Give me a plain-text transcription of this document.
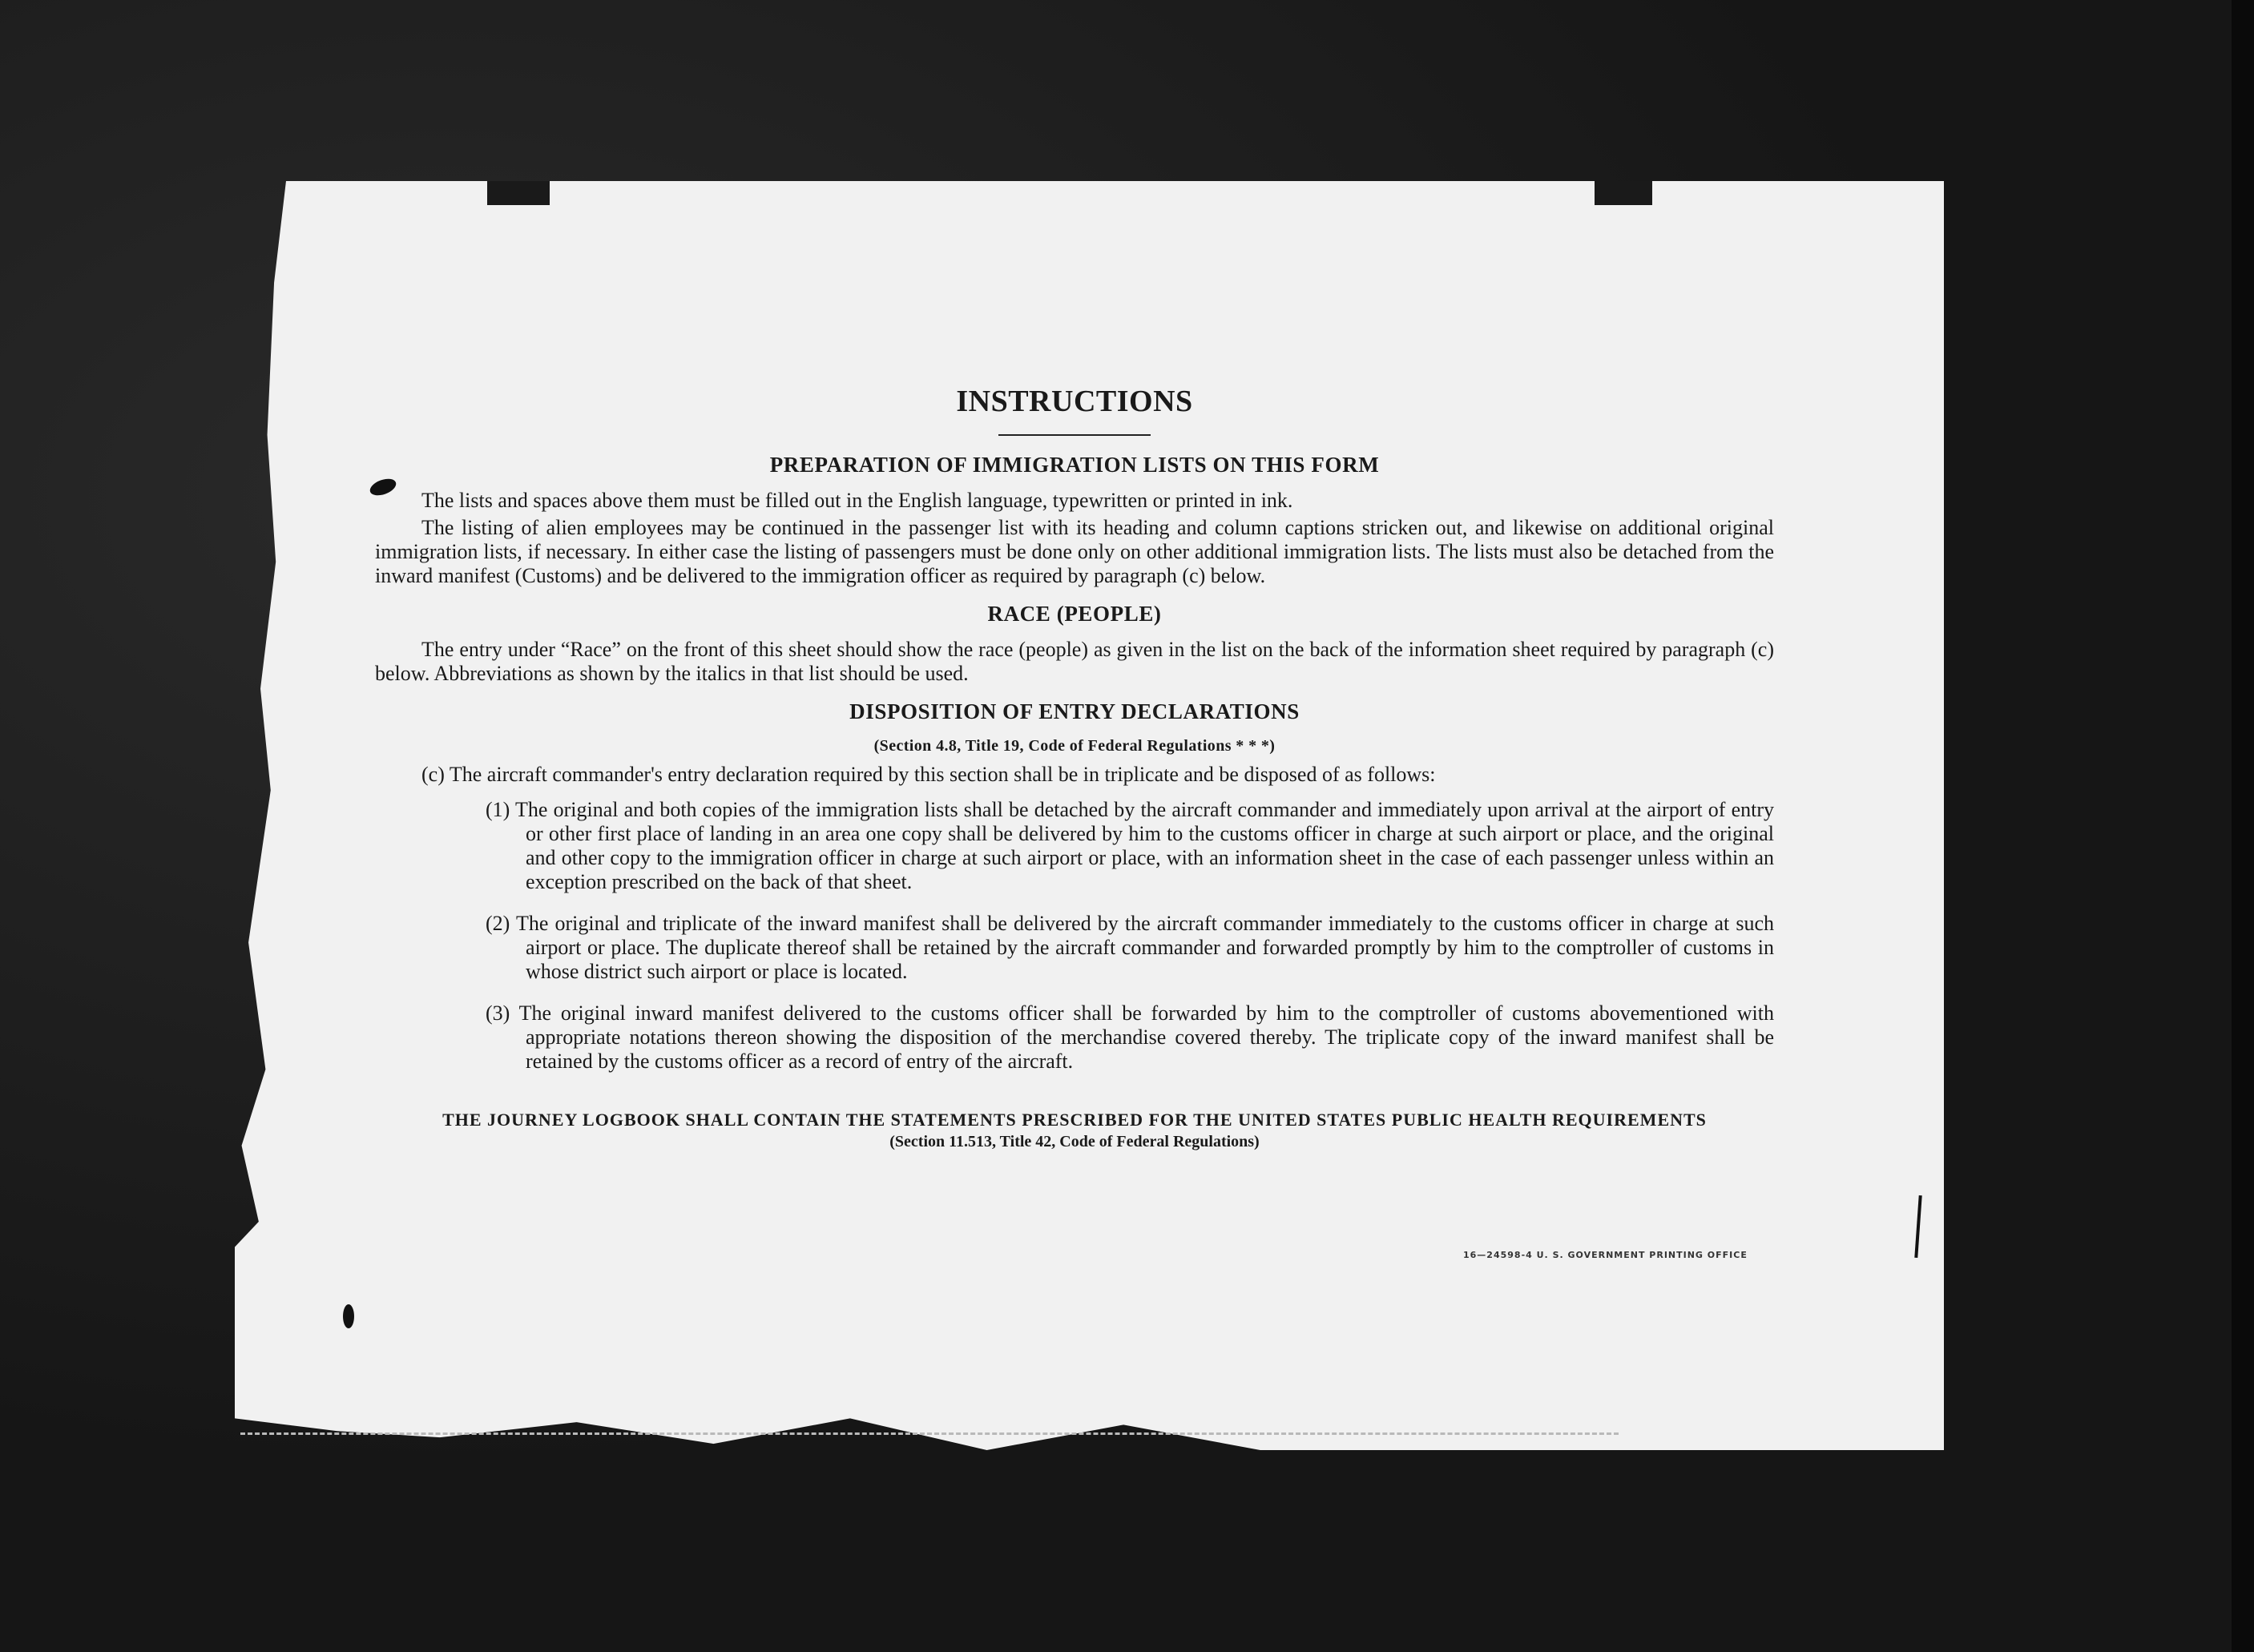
INSTRUCTIONS
PREPARATION OF IMMIGRATION LISTS ON THIS FORM

The lists and spaces above them must be filled out in the English language, typewritten or printed in ink.

The listing of alien employees may be continued in the passenger list with its heading and column captions stricken out, and likewise on additional original immigration lists, if necessary. In either case the listing of passengers must be done only on other additional immigration lists. The lists must also be detached from the inward manifest (Customs) and be delivered to the immigration officer as required by paragraph (c) below.

RACE (PEOPLE)

The entry under “Race” on the front of this sheet should show the race (people) as given in the list on the back of the information sheet required by paragraph (c) below. Abbreviations as shown by the italics in that list should be used.

DISPOSITION OF ENTRY DECLARATIONS
(Section 4.8, Title 19, Code of Federal Regulations * * *)
(c) The aircraft commander's entry declaration required by this section shall be in triplicate and be disposed of as follows:
(1) The original and both copies of the immigration lists shall be detached by the aircraft commander and immediately upon arrival at the airport of entry or other first place of landing in an area one copy shall be delivered by him to the customs officer in charge at such airport or place, and the original and other copy to the immigration officer in charge at such airport or place, with an information sheet in the case of each passenger unless within an exception prescribed on the back of that sheet.
(2) The original and triplicate of the inward manifest shall be delivered by the aircraft commander immediately to the customs officer in charge at such airport or place. The duplicate thereof shall be retained by the aircraft commander and forwarded promptly by him to the comptroller of customs in whose district such airport or place is located.
(3) The original inward manifest delivered to the customs officer shall be forwarded by him to the comptroller of customs abovementioned with appropriate notations thereon showing the disposition of the merchandise covered thereby. The triplicate copy of the inward manifest shall be retained by the customs officer as a record of entry of the aircraft.
THE JOURNEY LOGBOOK SHALL CONTAIN THE STATEMENTS PRESCRIBED FOR THE UNITED STATES PUBLIC HEALTH REQUIREMENTS
(Section 11.513, Title 42, Code of Federal Regulations)
16—24598-4 U. S. GOVERNMENT PRINTING OFFICE
